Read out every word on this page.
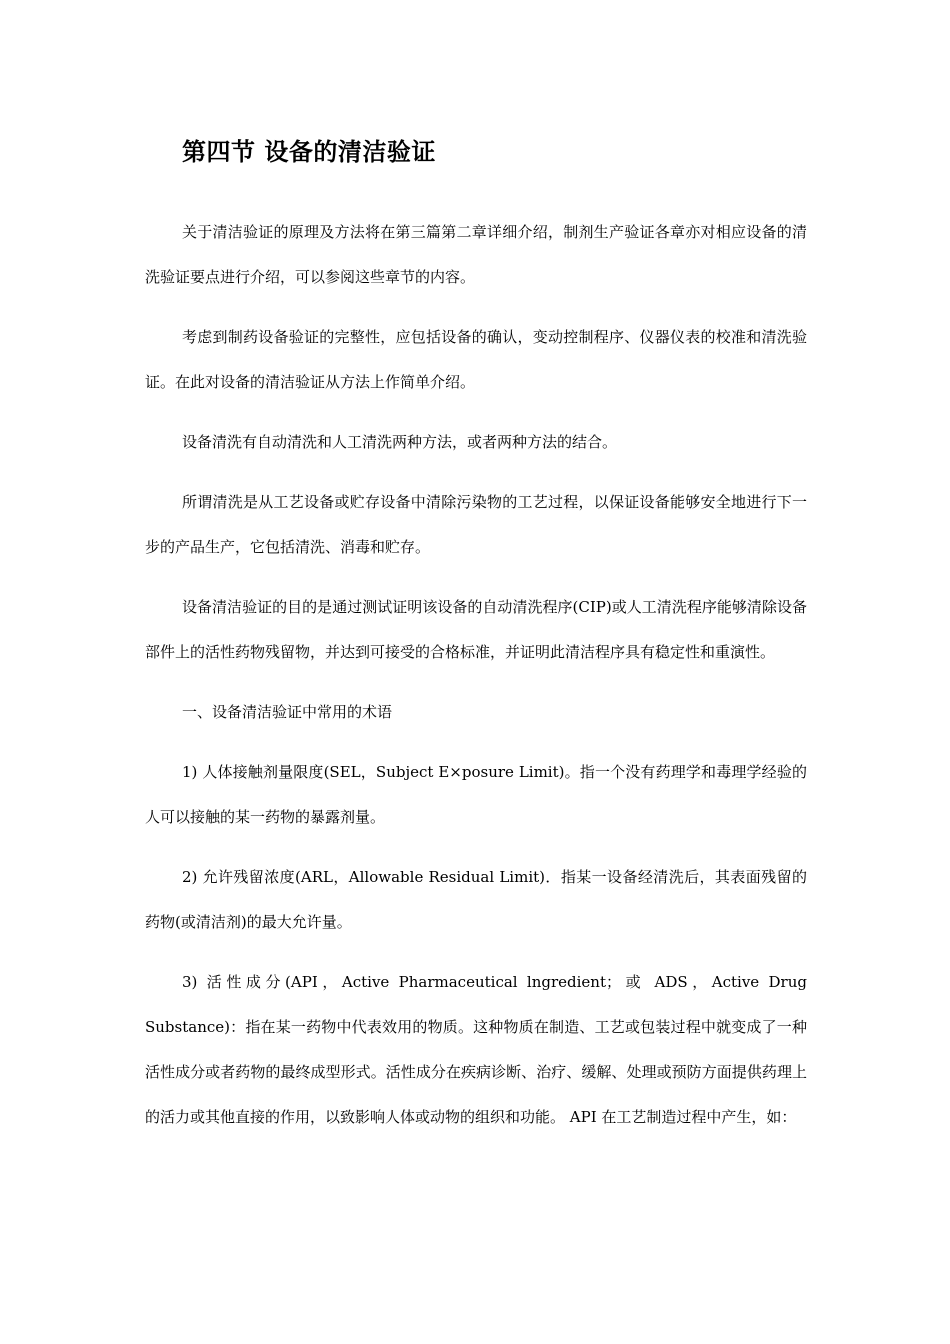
第四节 设备的清洁验证

关于清洁验证的原理及方法将在第三篇第二章详细介绍，制剂生产验证各章亦对相应设备的清洗验证要点进行介绍，可以参阅这些章节的内容。

考虑到制药设备验证的完整性，应包括设备的确认，变动控制程序、仪器仪表的校准和清洗验证。在此对设备的清洁验证从方法上作简单介绍。

设备清洗有自动清洗和人工清洗两种方法，或者两种方法的结合。

所谓清洗是从工艺设备或贮存设备中清除污染物的工艺过程，以保证设备能够安全地进行下一步的产品生产，它包括清洗、消毒和贮存。

设备清洁验证的目的是通过测试证明该设备的自动清洗程序(CIP)或人工清洗程序能够清除设备部件上的活性药物残留物，并达到可接受的合格标准，并证明此清洁程序具有稳定性和重演性。

一、设备清洁验证中常用的术语

1) 人体接触剂量限度(SEL，Subject E×posure Limit)。指一个没有药理学和毒理学经验的人可以接触的某一药物的暴露剂量。

2) 允许残留浓度(ARL，Allowable Residual Limit)．指某一设备经清洗后，其表面残留的药物(或清洁剂)的最大允许量。

3) 活性成分(API，Active Pharmaceutical lngredient；或 ADS，Active Drug Substance)：指在某一药物中代表效用的物质。这种物质在制造、工艺或包装过程中就变成了一种活性成分或者药物的最终成型形式。活性成分在疾病诊断、治疗、缓解、处理或预防方面提供药理上的活力或其他直接的作用，以致影响人体或动物的组织和功能。 API 在工艺制造过程中产生，如：
